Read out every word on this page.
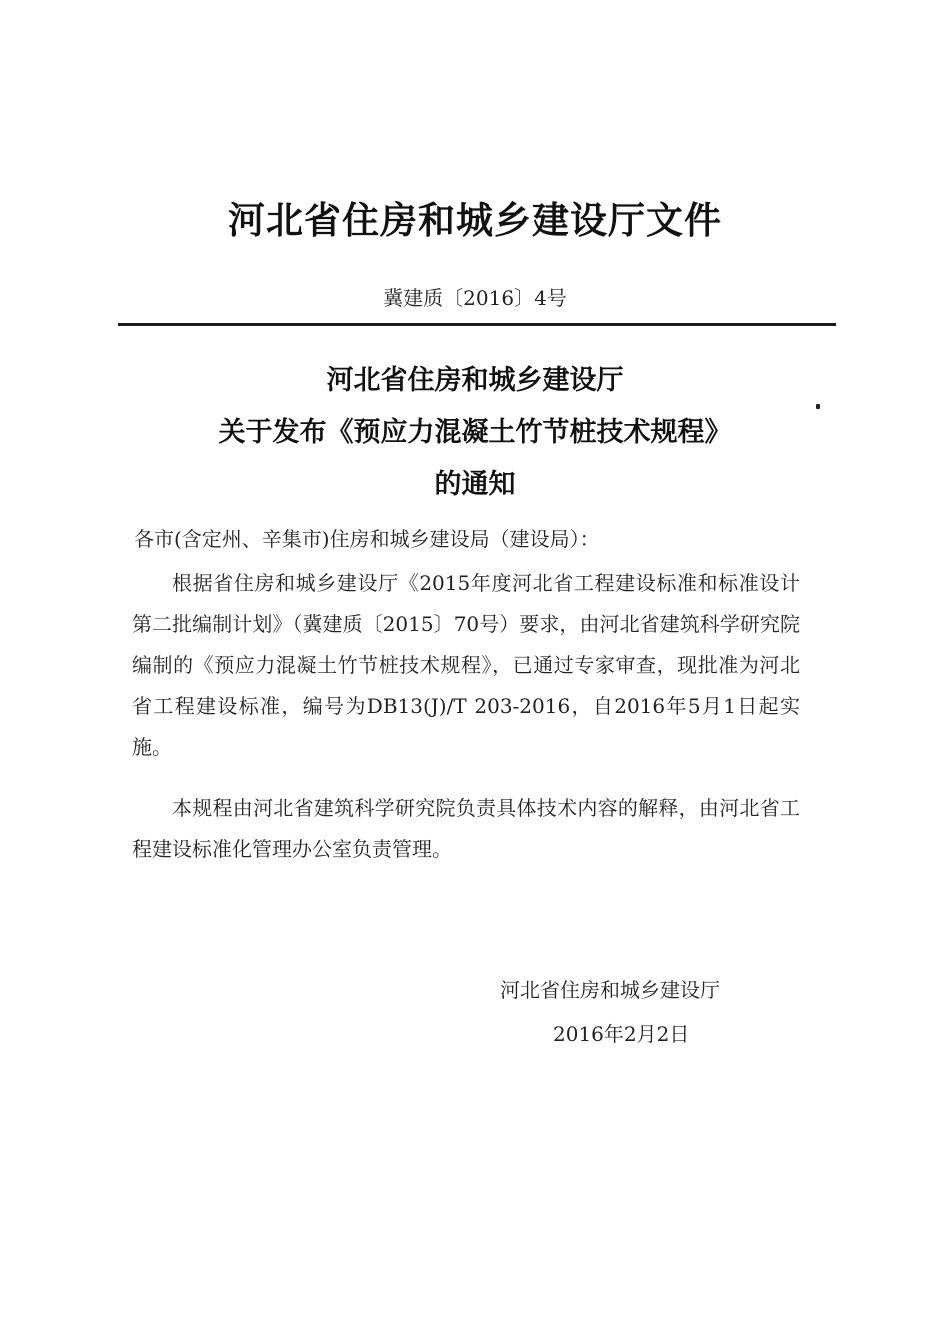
河北省住房和城乡建设厅文件
冀建质〔2016〕4号
河北省住房和城乡建设厅
关于发布《预应力混凝土竹节桩技术规程》
的通知
各市(含定州、辛集市)住房和城乡建设局（建设局）：
根据省住房和城乡建设厅《2015年度河北省工程建设标准和标准设计第二批编制计划》（冀建质〔2015〕70号）要求，由河北省建筑科学研究院编制的《预应力混凝土竹节桩技术规程》，已通过专家审查，现批准为河北省工程建设标准，编号为DB13(J)/T 203-2016，自2016年5月1日起实施。
本规程由河北省建筑科学研究院负责具体技术内容的解释，由河北省工程建设标准化管理办公室负责管理。
河北省住房和城乡建设厅
2016年2月2日
